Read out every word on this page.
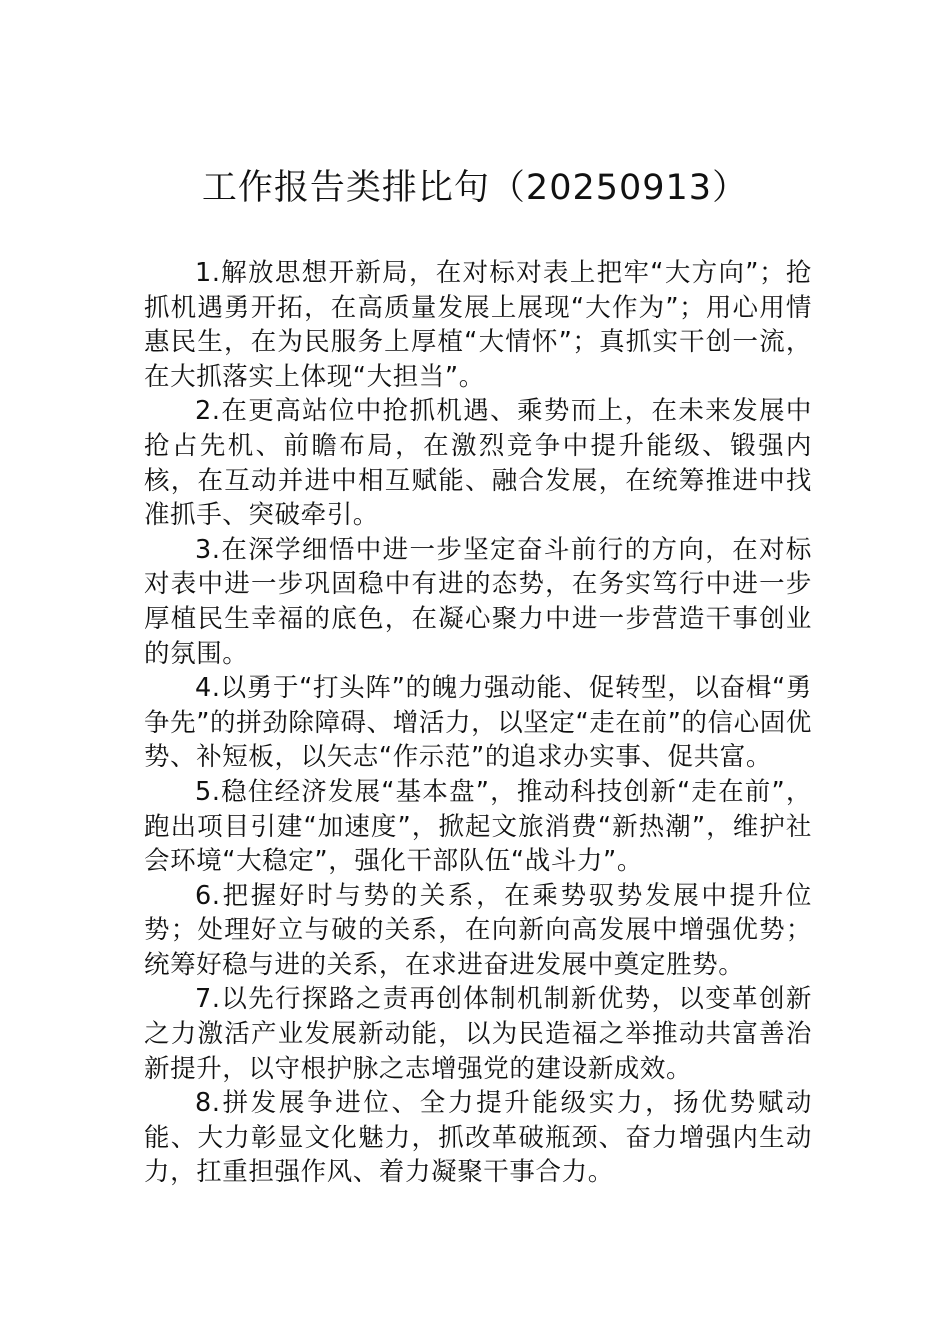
工作报告类排比句（20250913）

1.解放思想开新局，在对标对表上把牢“大方向”；抢抓机遇勇开拓，在高质量发展上展现“大作为”；用心用情惠民生，在为民服务上厚植“大情怀”；真抓实干创一流，在大抓落实上体现“大担当”。

2.在更高站位中抢抓机遇、乘势而上，在未来发展中抢占先机、前瞻布局，在激烈竞争中提升能级、锻强内核，在互动并进中相互赋能、融合发展，在统筹推进中找准抓手、突破牵引。

3.在深学细悟中进一步坚定奋斗前行的方向，在对标对表中进一步巩固稳中有进的态势，在务实笃行中进一步厚植民生幸福的底色，在凝心聚力中进一步营造干事创业的氛围。

4.以勇于“打头阵”的魄力强动能、促转型，以奋楫“勇争先”的拼劲除障碍、增活力，以坚定“走在前”的信心固优势、补短板，以矢志“作示范”的追求办实事、促共富。

5.稳住经济发展“基本盘”，推动科技创新“走在前”，跑出项目引建“加速度”，掀起文旅消费“新热潮”，维护社会环境“大稳定”，强化干部队伍“战斗力”。

6.把握好时与势的关系，在乘势驭势发展中提升位势；处理好立与破的关系，在向新向高发展中增强优势；统筹好稳与进的关系，在求进奋进发展中奠定胜势。

7.以先行探路之责再创体制机制新优势，以变革创新之力激活产业发展新动能，以为民造福之举推动共富善治新提升，以守根护脉之志增强党的建设新成效。

8.拼发展争进位、全力提升能级实力，扬优势赋动能、大力彰显文化魅力，抓改革破瓶颈、奋力增强内生动力，扛重担强作风、着力凝聚干事合力。
